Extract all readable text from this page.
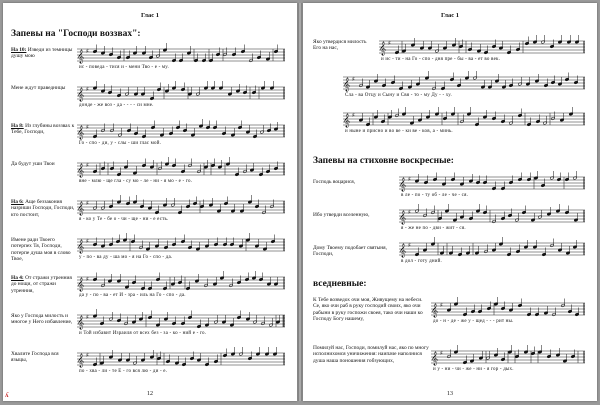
Глас 1
Запевы на "Господи воззвах":
На 10: Изведи из темницы душу мою	𝄞 ♯
ис - поведа - тися и - мени Тво - е - му.
Мене ждут праведницы 𝄞 ♯
донде - же воз - да - - - - си мне.
На 8: Из глубины воззвах к Тебе, Господи,	𝄞 ♯
Го - спо - ди, у - слы - ши глас мой.
Да будут уши Твои	𝄞 ♯
вне - млю - ще гла - су мо - ле - ни - я мо - е - го.
На 6: Аще беззакония назриши Господи, Господи, кто постоит,	𝄞 ♯
я - ко у Те - бе о - чи - ще - ни - е есть.
Имене ради Твоего потерпех Тя, Господи, потерпе душа моя в слово Твое,
𝄞 ♯
у - по - ва ду - ша мо - я на Го - спо - да.
На 4: От стражи утренния до нощи, от стражи утренния,	𝄞 ♯
да у - по - ва - ет И - зра - иль на Го - спо - да.
Яко у Господа милость и многое у Него избавление, 𝄞 ♯
и Той избавит Израиля от всех без - за - ко - ний е - го.
Хвалите Господа вся языцы,	𝄞 ♯
по - хва - ли - те Е - го вся лю - ди - е.
12
ʎ
Глас 1
Яко утвердися милость Его на нас,	𝄞 ♯
и ис - ти - на Го - спо - дня пре - бы - ва - ет во век.
𝄞 ♯
Сла - ва Отцу и Сыну и Свя - то - му Ду - - ху.
𝄞 ♯
и ныне и присно и во ве - ки ве - ков, а - минь.
Запевы на стиховне воскресные:
Господь воцарися,	𝄞 ♯
в ле - по - ту об - ле - че - ся.
Ибо утверди вселенную,	𝄞 ♯
я - же не по - дви - жит - ся.
Дому Твоему подобает святыня, Господи,	𝄞 ♯
в дол - готу дний.
вседневные:
К Тебе возведох очи моя, Живущему на небеси. Се, яко очи раб в руку господий своих, яко очи рабыни в руку госпожи своея, тако очи наши ко Господу Богу нашему,
𝄞 ♯
до - н - де - же у - щед - - - рит ны.
Помилуй нас, Господи, помилуй нас, яко по многу исполнихомся уничижения: наипаче наполнися душа наша поношения гобзующих,	𝄞 ♯
и у - ни - чи - же - ни - я гор - дых.
13
